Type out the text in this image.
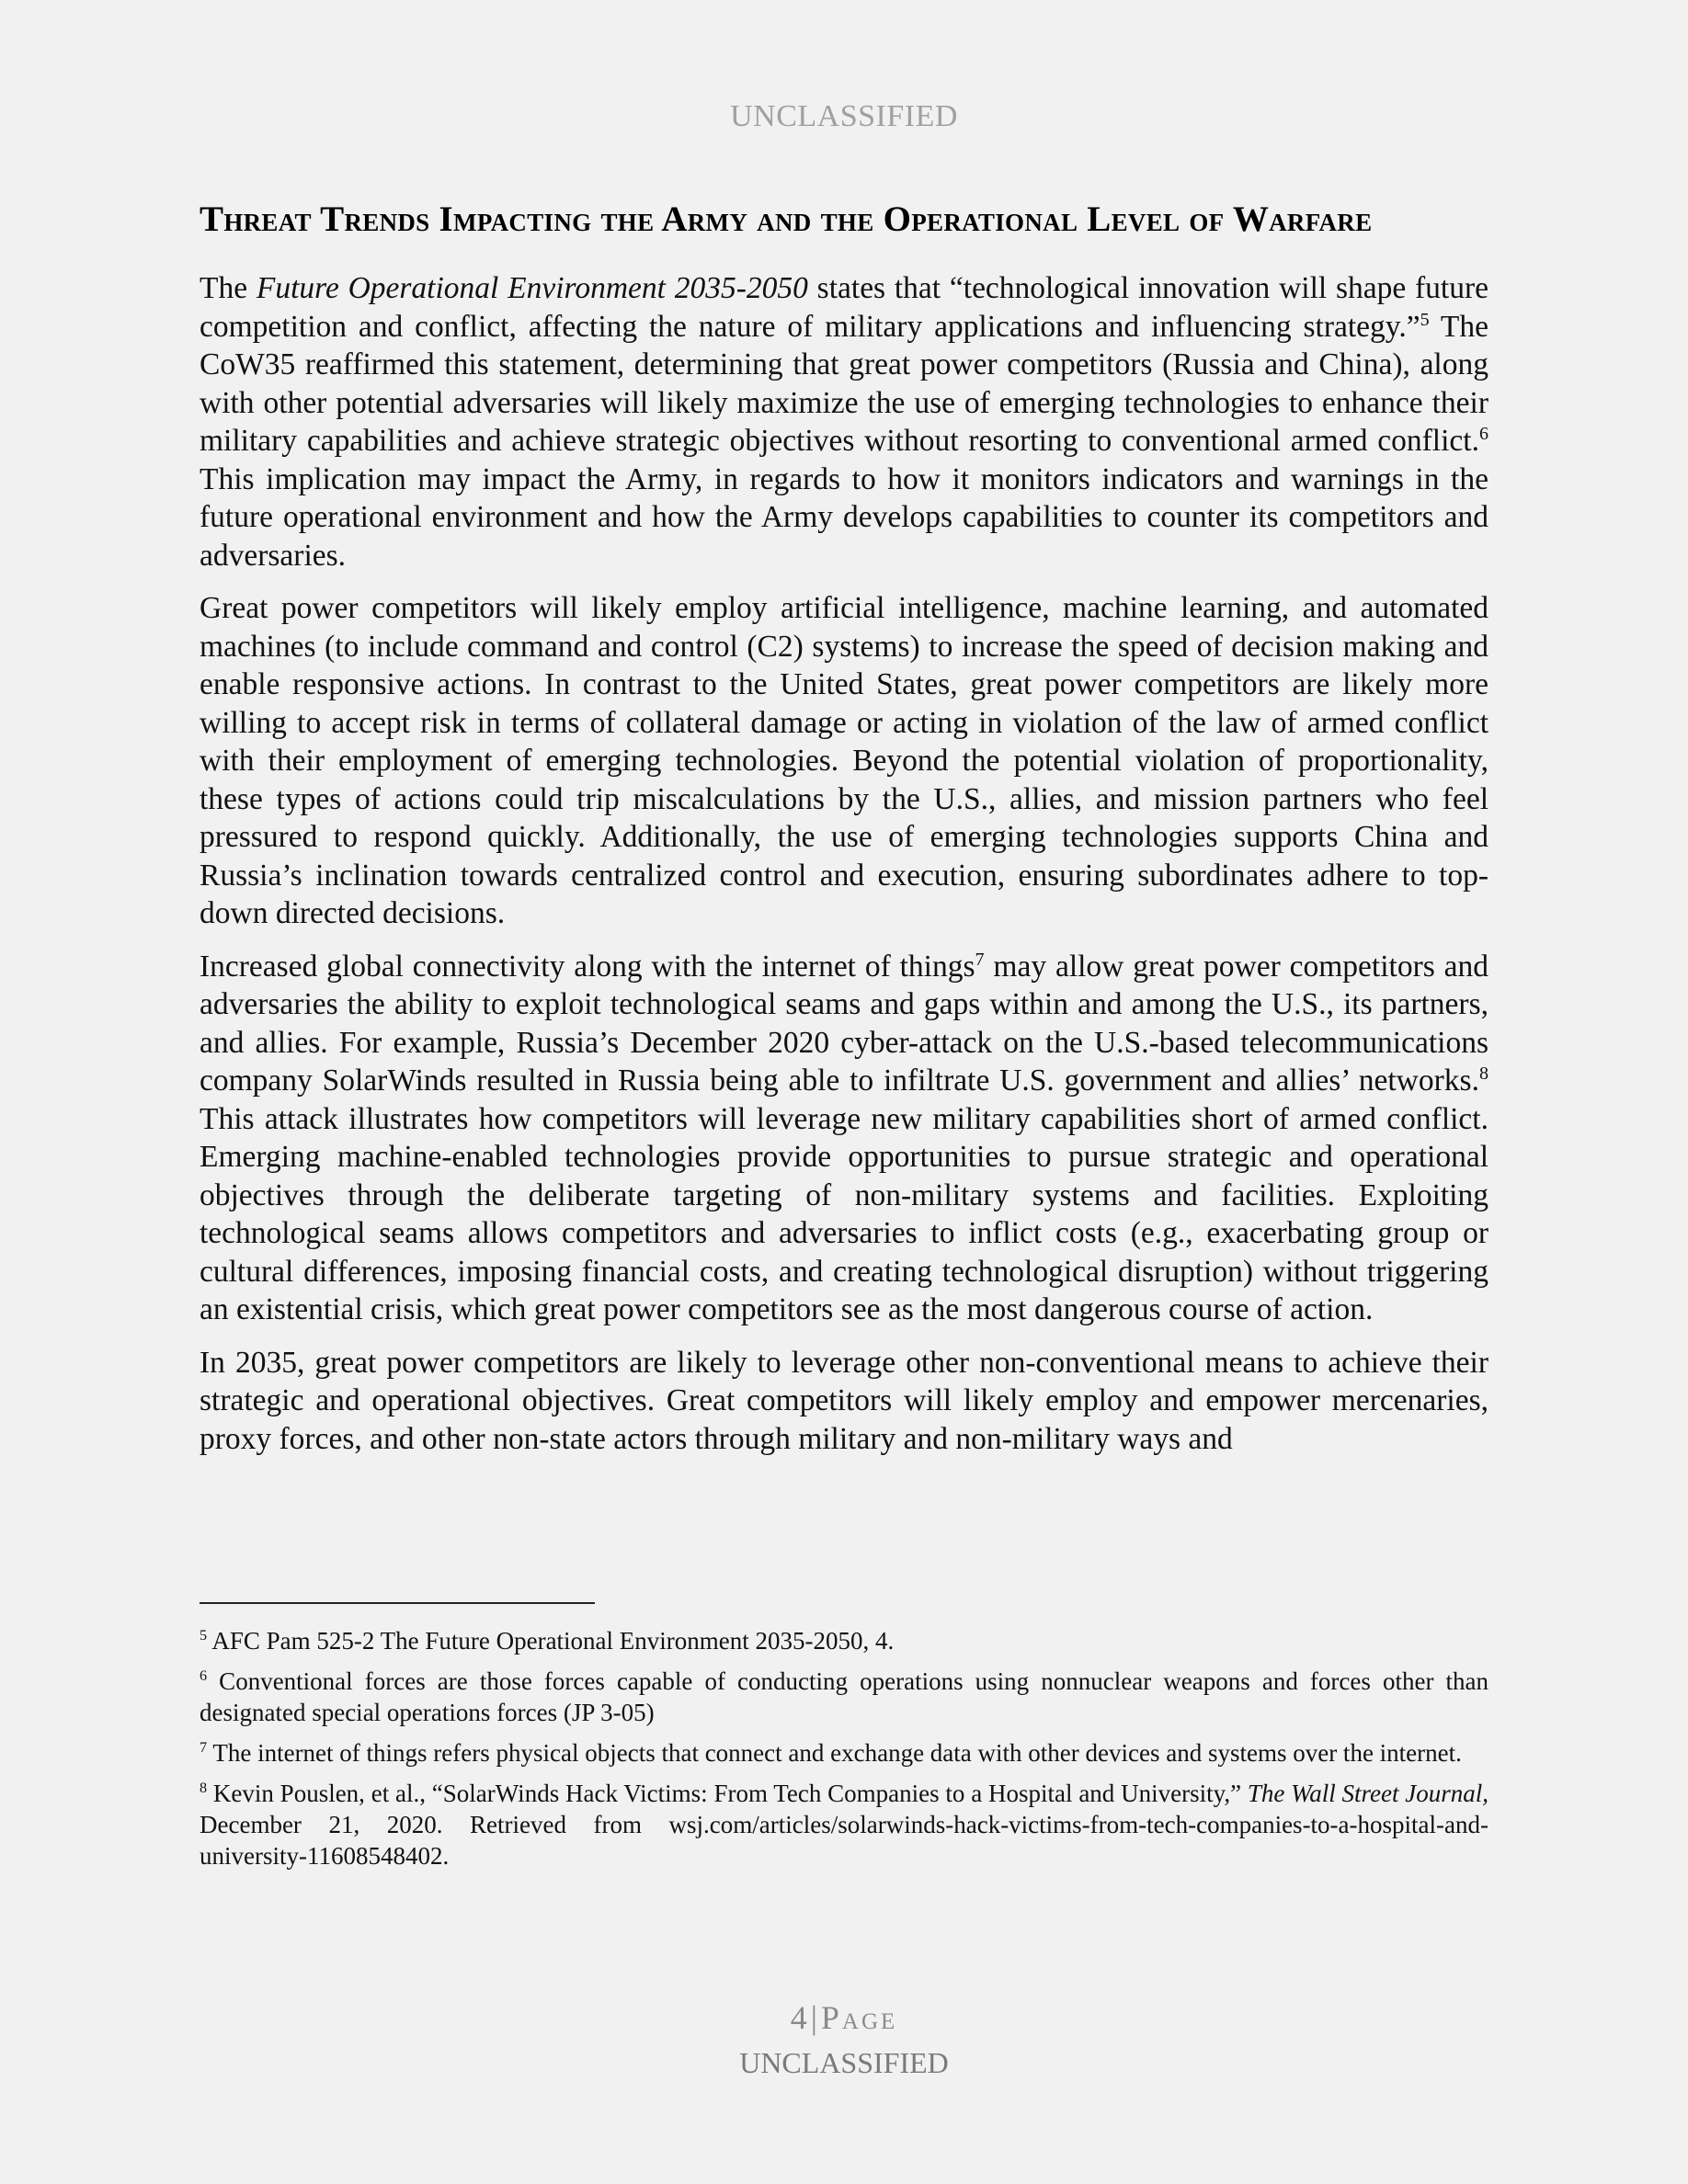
UNCLASSIFIED
Threat Trends Impacting the Army and the Operational Level of Warfare

The Future Operational Environment 2035-2050 states that “technological innovation will shape future competition and conflict, affecting the nature of military applications and influencing strategy.”$^5$ The CoW35 reaffirmed this statement, determining that great power competitors (Russia and China), along with other potential adversaries will likely maximize the use of emerging technologies to enhance their military capabilities and achieve strategic objectives without resorting to conventional armed conflict.$^6$ This implication may impact the Army, in regards to how it monitors indicators and warnings in the future operational environment and how the Army develops capabilities to counter its competitors and adversaries.

Great power competitors will likely employ artificial intelligence, machine learning, and automated machines (to include command and control (C2) systems) to increase the speed of decision making and enable responsive actions. In contrast to the United States, great power competitors are likely more willing to accept risk in terms of collateral damage or acting in violation of the law of armed conflict with their employment of emerging technologies. Beyond the potential violation of proportionality, these types of actions could trip miscalculations by the U.S., allies, and mission partners who feel pressured to respond quickly. Additionally, the use of emerging technologies supports China and Russia’s inclination towards centralized control and execution, ensuring subordinates adhere to top-down directed decisions.

Increased global connectivity along with the internet of things$^7$ may allow great power competitors and adversaries the ability to exploit technological seams and gaps within and among the U.S., its partners, and allies. For example, Russia’s December 2020 cyber-attack on the U.S.-based telecommunications company SolarWinds resulted in Russia being able to infiltrate U.S. government and allies’ networks.$^8$ This attack illustrates how competitors will leverage new military capabilities short of armed conflict. Emerging machine-enabled technologies provide opportunities to pursue strategic and operational objectives through the deliberate targeting of non-military systems and facilities. Exploiting technological seams allows competitors and adversaries to inflict costs (e.g., exacerbating group or cultural differences, imposing financial costs, and creating technological disruption) without triggering an existential crisis, which great power competitors see as the most dangerous course of action.

In 2035, great power competitors are likely to leverage other non-conventional means to achieve their strategic and operational objectives. Great competitors will likely employ and empower mercenaries, proxy forces, and other non-state actors through military and non-military ways and

$^5$ AFC Pam 525-2 The Future Operational Environment 2035-2050, 4.

$^6$ Conventional forces are those forces capable of conducting operations using nonnuclear weapons and forces other than designated special operations forces (JP 3-05)

$^7$ The internet of things refers physical objects that connect and exchange data with other devices and systems over the internet.

$^8$ Kevin Pouslen, et al., “SolarWinds Hack Victims: From Tech Companies to a Hospital and University,” The Wall Street Journal, December 21, 2020. Retrieved from wsj.com/articles/solarwinds-hack-victims-from-tech-companies-to-a-hospital-and-university-11608548402.

4 | Page
UNCLASSIFIED
